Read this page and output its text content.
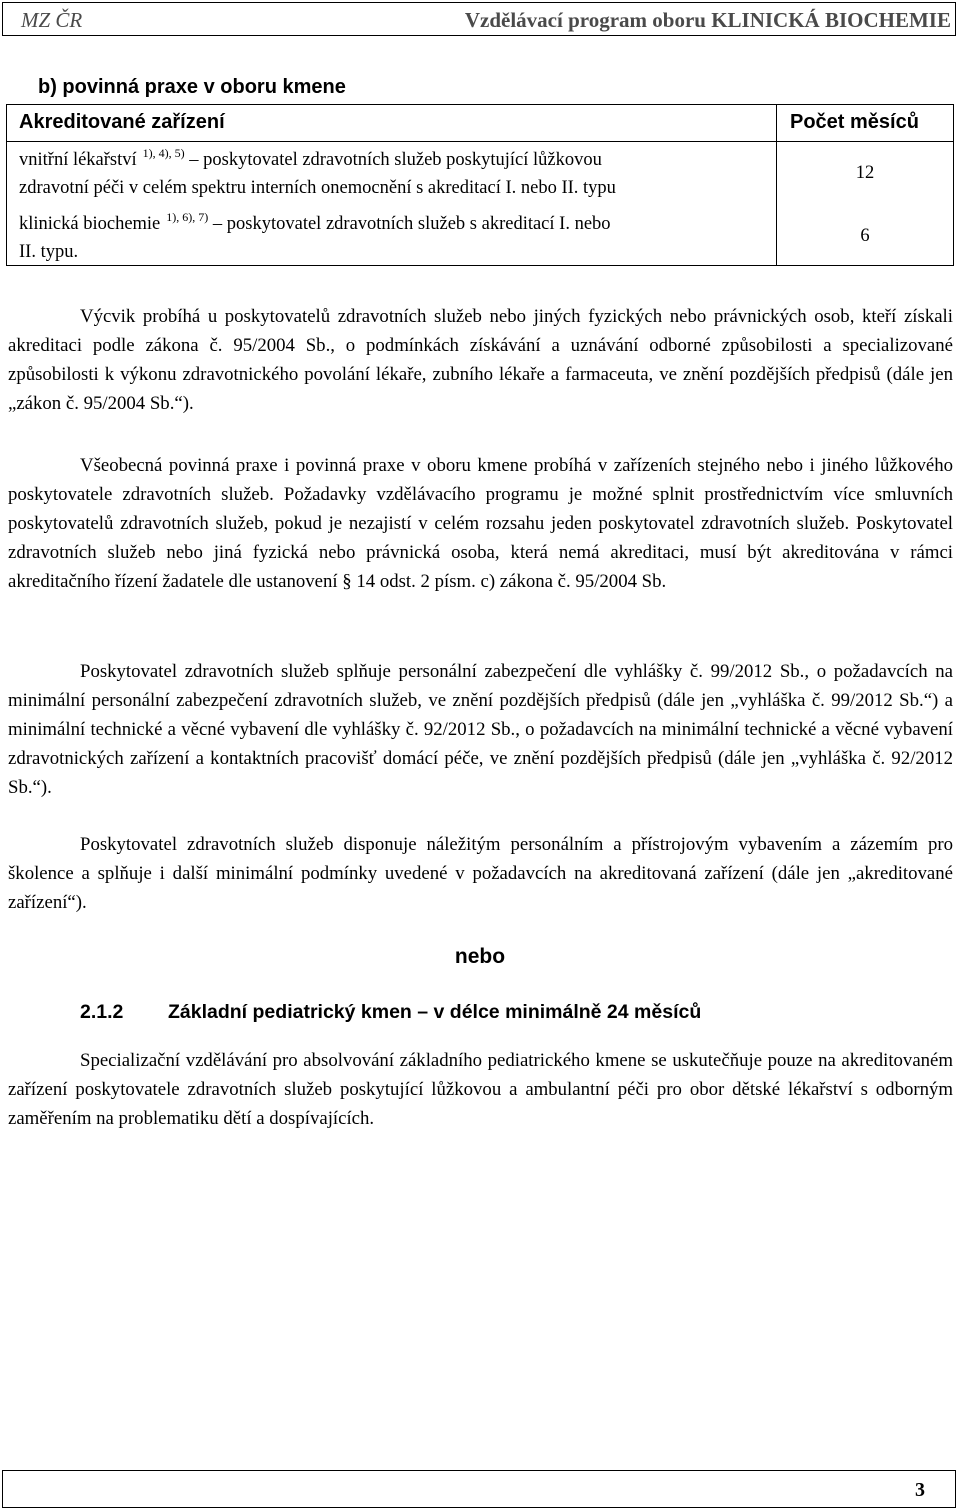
MZ ČR	Vzdělávací program oboru KLINICKÁ BIOCHEMIE
b) povinná praxe v oboru kmene
Akreditované zařízení	Počet měsíců
vnitřní lékařství $^{1), 4), 5)}$ – poskytovatel zdravotních služeb poskytující lůžkovou
zdravotní péči v celém spektru interních onemocnění s akreditací I. nebo II. typu
12
klinická biochemie $^{1), 6), 7)}$ – poskytovatel zdravotních služeb s akreditací I. nebo
II. typu.
6

Výcvik probíhá u poskytovatelů zdravotních služeb nebo jiných fyzických nebo právnických osob, kteří získali akreditaci podle zákona č. 95/2004 Sb., o podmínkách získávání a uznávání odborné způsobilosti a specializované způsobilosti k výkonu zdravotnického povolání lékaře, zubního lékaře a farmaceuta, ve znění pozdějších předpisů (dále jen „zákon č. 95/2004 Sb.“).

Všeobecná povinná praxe i povinná praxe v oboru kmene probíhá v zařízeních stejného nebo i jiného lůžkového poskytovatele zdravotních služeb. Požadavky vzdělávacího programu je možné splnit prostřednictvím více smluvních poskytovatelů zdravotních služeb, pokud je nezajistí v celém rozsahu jeden poskytovatel zdravotních služeb. Poskytovatel zdravotních služeb nebo jiná fyzická nebo právnická osoba, která nemá akreditaci, musí být akreditována v rámci akreditačního řízení žadatele dle ustanovení § 14 odst. 2 písm. c) zákona č. 95/2004 Sb.

Poskytovatel zdravotních služeb splňuje personální zabezpečení dle vyhlášky č. 99/2012 Sb., o požadavcích na minimální personální zabezpečení zdravotních služeb, ve znění pozdějších předpisů (dále jen „vyhláška č. 99/2012 Sb.“) a minimální technické a věcné vybavení dle vyhlášky č. 92/2012 Sb., o požadavcích na minimální technické a věcné vybavení zdravotnických zařízení a kontaktních pracovišť domácí péče, ve znění pozdějších předpisů (dále jen „vyhláška č. 92/2012 Sb.“).

Poskytovatel zdravotních služeb disponuje náležitým personálním a přístrojovým vybavením a zázemím pro školence a splňuje i další minimální podmínky uvedené v požadavcích na akreditovaná zařízení (dále jen „akreditované zařízení“).

nebo
2.1.2 Základní pediatrický kmen – v délce minimálně 24 měsíců

Specializační vzdělávání pro absolvování základního pediatrického kmene se uskutečňuje pouze na akreditovaném zařízení poskytovatele zdravotních služeb poskytující lůžkovou a ambulantní péči pro obor dětské lékařství s odborným zaměřením na problematiku dětí a dospívajících.

3
